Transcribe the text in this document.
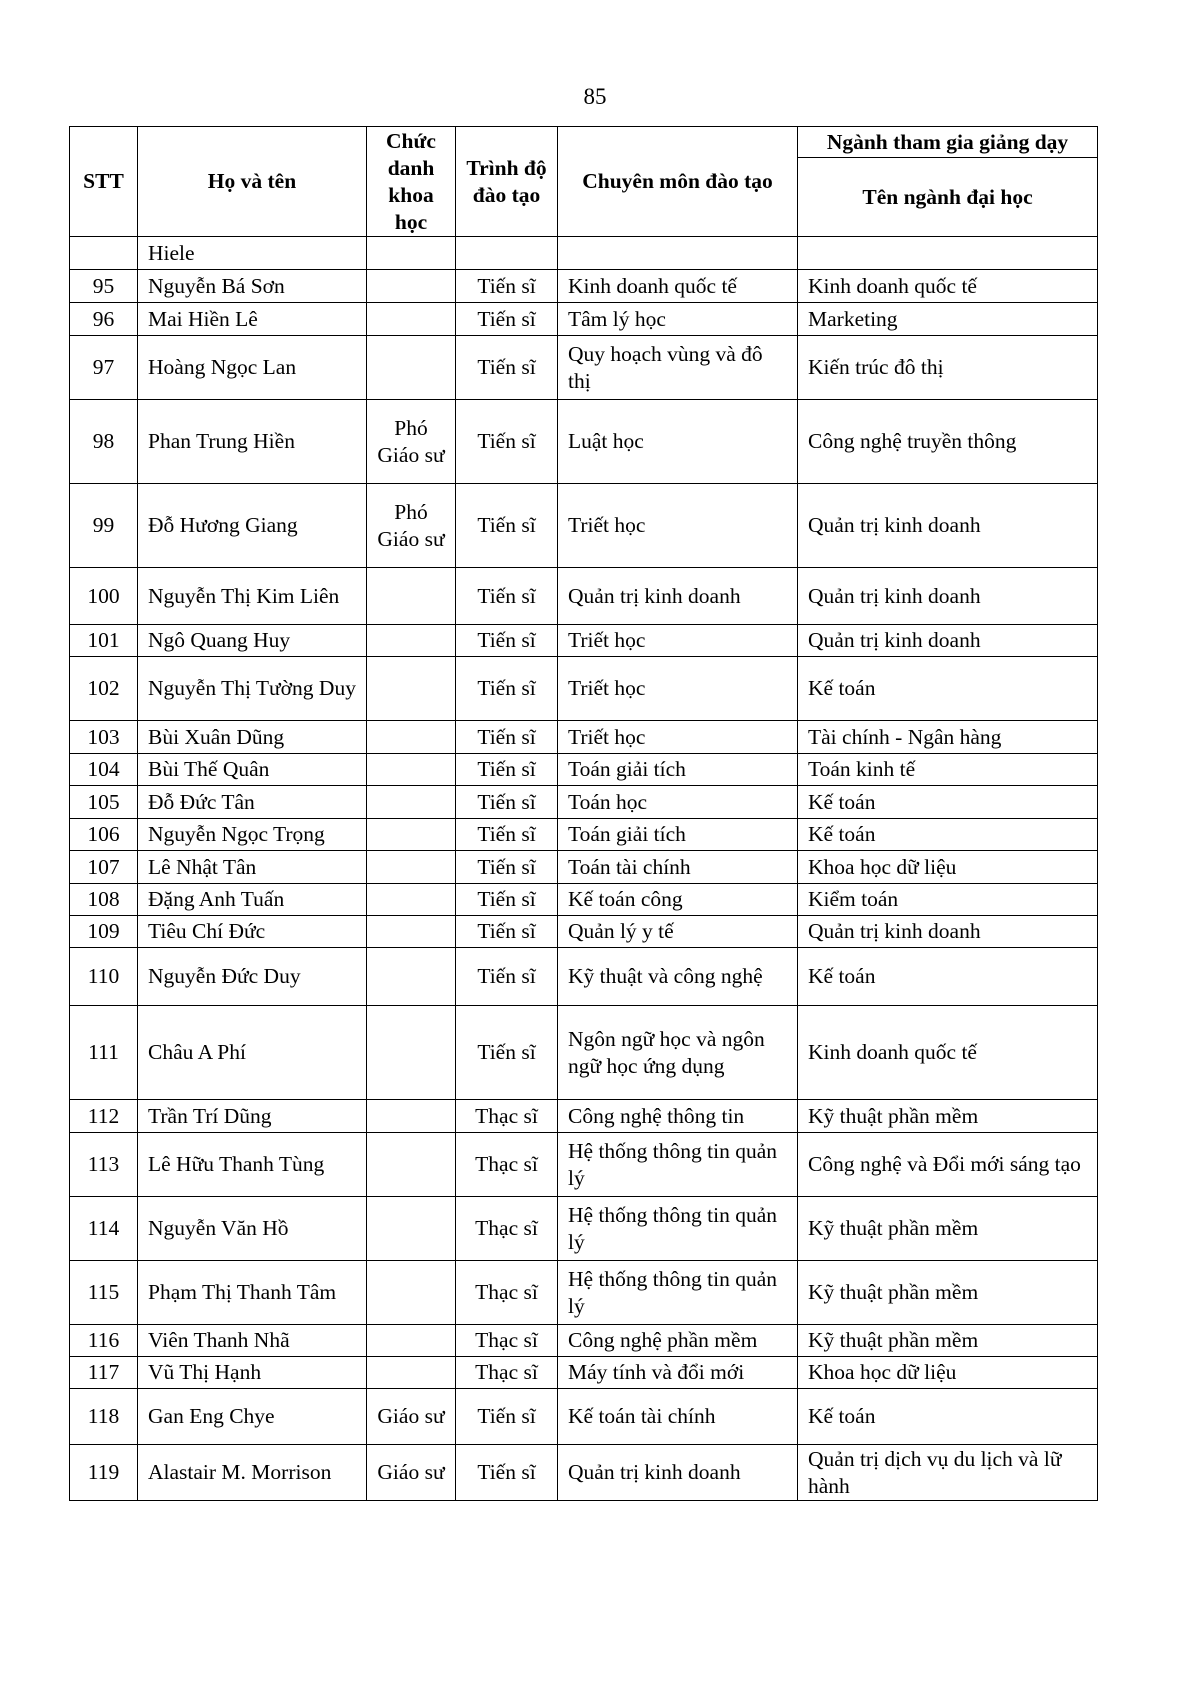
85
STT	Họ và tên	Chức danh khoa học	Trình độ đào tạo	Chuyên môn đào tạo	Ngành tham gia giảng dạy
					Tên ngành đại học
	Hiele				
95	Nguyễn Bá Sơn		Tiến sĩ	Kinh doanh quốc tế	Kinh doanh quốc tế
96	Mai Hiền Lê		Tiến sĩ	Tâm lý học	Marketing
97	Hoàng Ngọc Lan		Tiến sĩ	Quy hoạch vùng và đô thị	Kiến trúc đô thị
98	Phan Trung Hiền	Phó Giáo sư	Tiến sĩ	Luật học	Công nghệ truyền thông
99	Đỗ Hương Giang	Phó Giáo sư	Tiến sĩ	Triết học	Quản trị kinh doanh
100	Nguyễn Thị Kim Liên		Tiến sĩ	Quản trị kinh doanh	Quản trị kinh doanh
101	Ngô Quang Huy		Tiến sĩ	Triết học	Quản trị kinh doanh
102	Nguyễn Thị Tường Duy		Tiến sĩ	Triết học	Kế toán
103	Bùi Xuân Dũng		Tiến sĩ	Triết học	Tài chính - Ngân hàng
104	Bùi Thế Quân		Tiến sĩ	Toán giải tích	Toán kinh tế
105	Đỗ Đức Tân		Tiến sĩ	Toán học	Kế toán
106	Nguyễn Ngọc Trọng		Tiến sĩ	Toán giải tích	Kế toán
107	Lê Nhật Tân		Tiến sĩ	Toán tài chính	Khoa học dữ liệu
108	Đặng Anh Tuấn		Tiến sĩ	Kế toán công	Kiểm toán
109	Tiêu Chí Đức		Tiến sĩ	Quản lý y tế	Quản trị kinh doanh
110	Nguyễn Đức Duy		Tiến sĩ	Kỹ thuật và công nghệ	Kế toán
111	Châu A Phí		Tiến sĩ	Ngôn ngữ học và ngôn ngữ học ứng dụng	Kinh doanh quốc tế
112	Trần Trí Dũng		Thạc sĩ	Công nghệ thông tin	Kỹ thuật phần mềm
113	Lê Hữu Thanh Tùng		Thạc sĩ	Hệ thống thông tin quản lý	Công nghệ và Đổi mới sáng tạo
114	Nguyễn Văn Hồ		Thạc sĩ	Hệ thống thông tin quản lý	Kỹ thuật phần mềm
115	Phạm Thị Thanh Tâm		Thạc sĩ	Hệ thống thông tin quản lý	Kỹ thuật phần mềm
116	Viên Thanh Nhã		Thạc sĩ	Công nghệ phần mềm	Kỹ thuật phần mềm
117	Vũ Thị Hạnh		Thạc sĩ	Máy tính và đổi mới	Khoa học dữ liệu
118	Gan Eng Chye	Giáo sư	Tiến sĩ	Kế toán tài chính	Kế toán
119	Alastair M. Morrison	Giáo sư	Tiến sĩ	Quản trị kinh doanh	Quản trị dịch vụ du lịch và lữ hành
